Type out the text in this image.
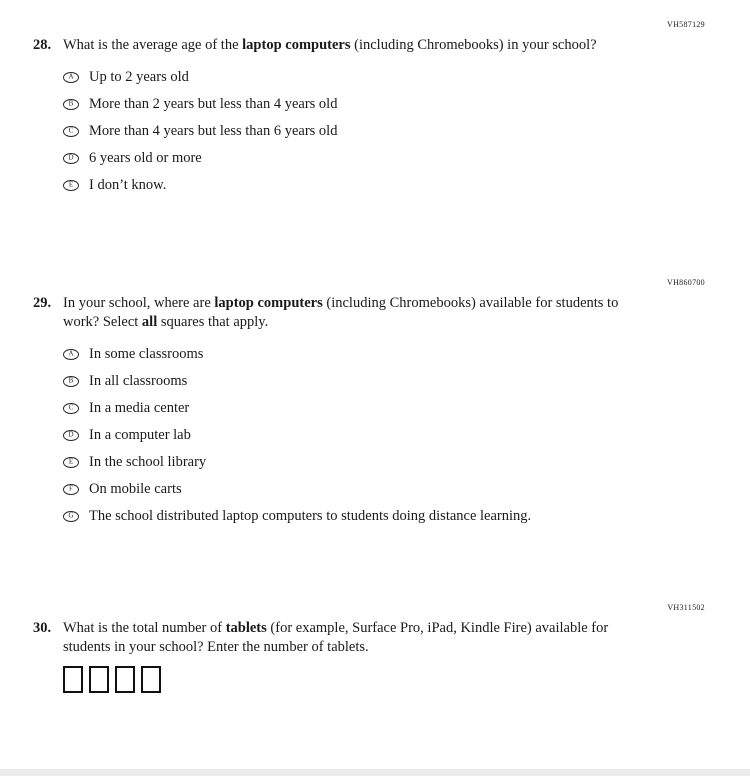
VH587129
28. What is the average age of the laptop computers (including Chromebooks) in your school?
A Up to 2 years old
B More than 2 years but less than 4 years old
C More than 4 years but less than 6 years old
D 6 years old or more
E I don’t know.
VH860700
29. In your school, where are laptop computers (including Chromebooks) available for students to work? Select all squares that apply.
A In some classrooms
B In all classrooms
C In a media center
D In a computer lab
E In the school library
F On mobile carts
G The school distributed laptop computers to students doing distance learning.
VH311502
30. What is the total number of tablets (for example, Surface Pro, iPad, Kindle Fire) available for students in your school? Enter the number of tablets.
